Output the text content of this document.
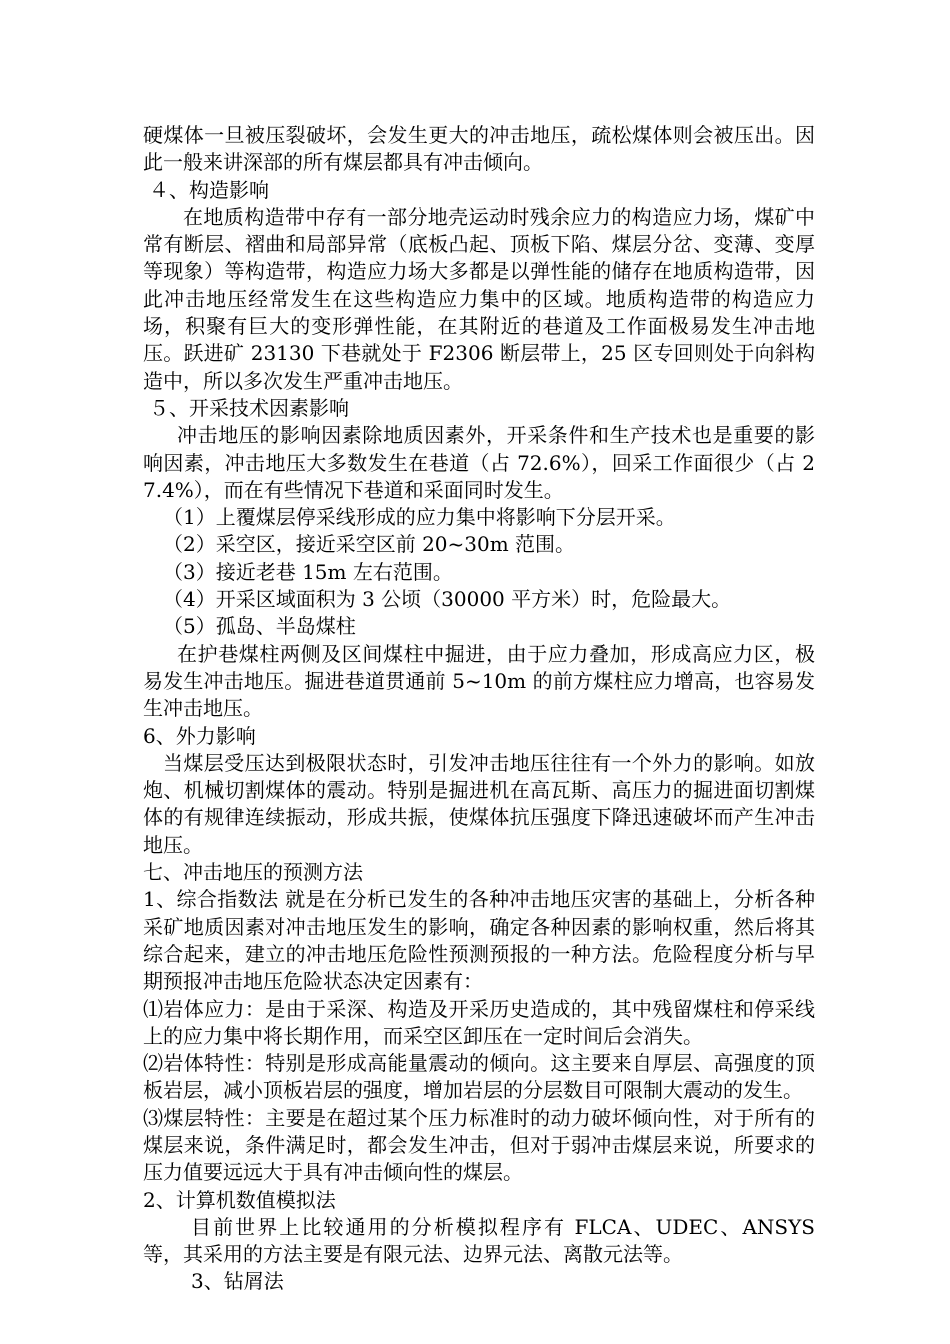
硬煤体一旦被压裂破坏，会发生更大的冲击地压，疏松煤体则会被压出。因此一般来讲深部的所有煤层都具有冲击倾向。

４、构造影响

在地质构造带中存有一部分地壳运动时残余应力的构造应力场，煤矿中常有断层、褶曲和局部异常（底板凸起、顶板下陷、煤层分岔、变薄、变厚等现象）等构造带，构造应力场大多都是以弹性能的储存在地质构造带，因此冲击地压经常发生在这些构造应力集中的区域。地质构造带的构造应力场，积聚有巨大的变形弹性能，在其附近的巷道及工作面极易发生冲击地压。跃进矿 23130 下巷就处于 F2306 断层带上，25 区专回则处于向斜构造中，所以多次发生严重冲击地压。

５、开采技术因素影响

冲击地压的影响因素除地质因素外，开采条件和生产技术也是重要的影响因素，冲击地压大多数发生在巷道（占 72.6%），回采工作面很少（占 27.4%），而在有些情况下巷道和采面同时发生。

（1）上覆煤层停采线形成的应力集中将影响下分层开采。

（2）采空区，接近采空区前 20~30m 范围。

（3）接近老巷 15m 左右范围。

（4）开采区域面积为 3 公顷（30000 平方米）时，危险最大。

（5）孤岛、半岛煤柱

在护巷煤柱两侧及区间煤柱中掘进，由于应力叠加，形成高应力区，极易发生冲击地压。掘进巷道贯通前 5~10m 的前方煤柱应力增高，也容易发生冲击地压。

6、外力影响

当煤层受压达到极限状态时，引发冲击地压往往有一个外力的影响。如放炮、机械切割煤体的震动。特别是掘进机在高瓦斯、高压力的掘进面切割煤体的有规律连续振动，形成共振，使煤体抗压强度下降迅速破坏而产生冲击地压。

七、冲击地压的预测方法

1、综合指数法 就是在分析已发生的各种冲击地压灾害的基础上，分析各种采矿地质因素对冲击地压发生的影响，确定各种因素的影响权重，然后将其综合起来，建立的冲击地压危险性预测预报的一种方法。危险程度分析与早期预报冲击地压危险状态决定因素有：

⑴岩体应力：是由于采深、构造及开采历史造成的，其中残留煤柱和停采线上的应力集中将长期作用，而采空区卸压在一定时间后会消失。

⑵岩体特性：特别是形成高能量震动的倾向。这主要来自厚层、高强度的顶板岩层，减小顶板岩层的强度，增加岩层的分层数目可限制大震动的发生。

⑶煤层特性：主要是在超过某个压力标准时的动力破坏倾向性，对于所有的煤层来说，条件满足时，都会发生冲击，但对于弱冲击煤层来说，所要求的压力值要远远大于具有冲击倾向性的煤层。

2、计算机数值模拟法

目前世界上比较通用的分析模拟程序有 FLCA、UDEC、ANSYS 等，其采用的方法主要是有限元法、边界元法、离散元法等。

3、钻屑法
